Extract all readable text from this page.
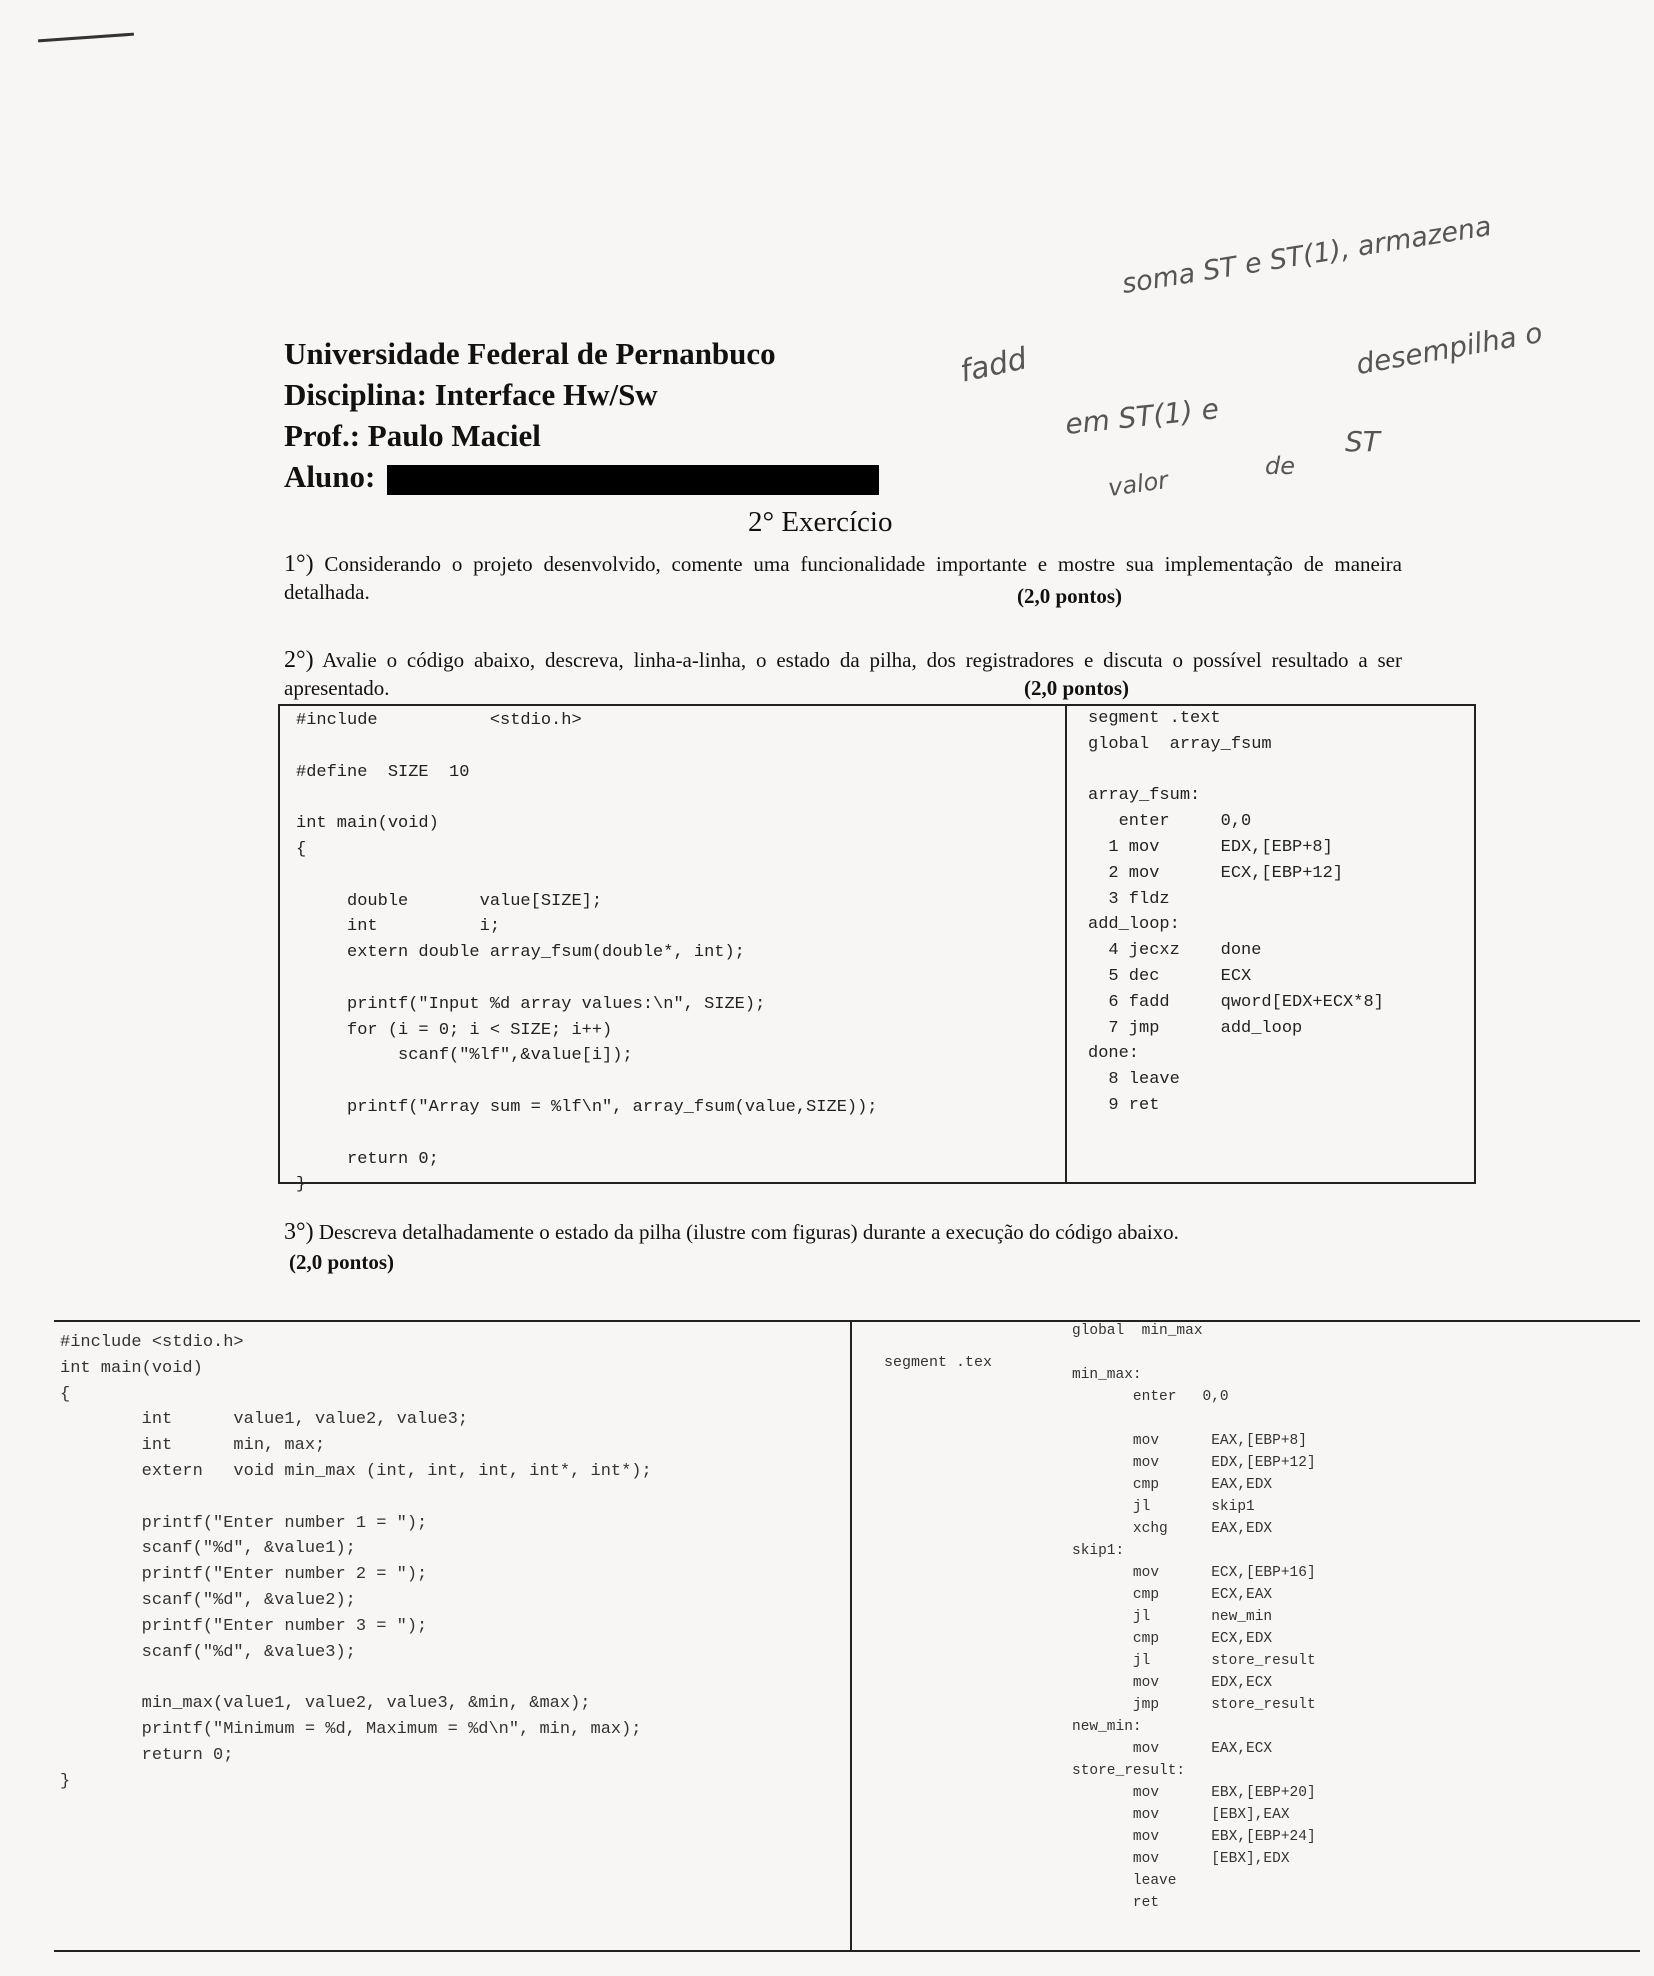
Universidade Federal de Pernanbuco
Disciplina: Interface Hw/Sw
Prof.: Paulo Maciel
Aluno:
soma ST e ST(1), armazena
fadd	desempilha o
em ST(1) e
ST
valor	de
2° Exercício
1°) Considerando o projeto desenvolvido, comente uma funcionalidade importante e mostre sua implementação de maneira detalhada.	(2,0 pontos)
2°) Avalie o código abaixo, descreva, linha-a-linha, o estado da pilha, dos registradores e discuta o possível resultado a ser apresentado.	(2,0 pontos)
#include           <stdio.h>

#define  SIZE  10

int main(void)
{

double       value[SIZE];
int          i;
extern double array_fsum(double*, int);

printf("Input %d array values:\n", SIZE);
for (i = 0; i < SIZE; i++)
scanf("%lf",&value[i]);

printf("Array sum = %lf\n", array_fsum(value,SIZE));

return 0;
}
segment .text
global  array_fsum

array_fsum:
enter     0,0
1 mov      EDX,[EBP+8]
2 mov      ECX,[EBP+12]
3 fldz
add_loop:
4 jecxz    done
5 dec      ECX
6 fadd     qword[EDX+ECX*8]
7 jmp      add_loop
done:
8 leave
9 ret
3°) Descreva detalhadamente o estado da pilha (ilustre com figuras) durante a execução do código abaixo.
(2,0 pontos)
#include <stdio.h>
int main(void)
{
int      value1, value2, value3;
int      min, max;
extern   void min_max (int, int, int, int*, int*);

printf("Enter number 1 = ");
scanf("%d", &value1);
printf("Enter number 2 = ");
scanf("%d", &value2);
printf("Enter number 3 = ");
scanf("%d", &value3);

min_max(value1, value2, value3, &min, &max);
printf("Minimum = %d, Maximum = %d\n", min, max);
return 0;
}
segment .tex
global  min_max

min_max:
enter   0,0

mov      EAX,[EBP+8]
mov      EDX,[EBP+12]
cmp      EAX,EDX
jl       skip1
xchg     EAX,EDX
skip1:
mov      ECX,[EBP+16]
cmp      ECX,EAX
jl       new_min
cmp      ECX,EDX
jl       store_result
mov      EDX,ECX
jmp      store_result
new_min:
mov      EAX,ECX
store_result:
mov      EBX,[EBP+20]
mov      [EBX],EAX
mov      EBX,[EBP+24]
mov      [EBX],EDX
leave
ret
